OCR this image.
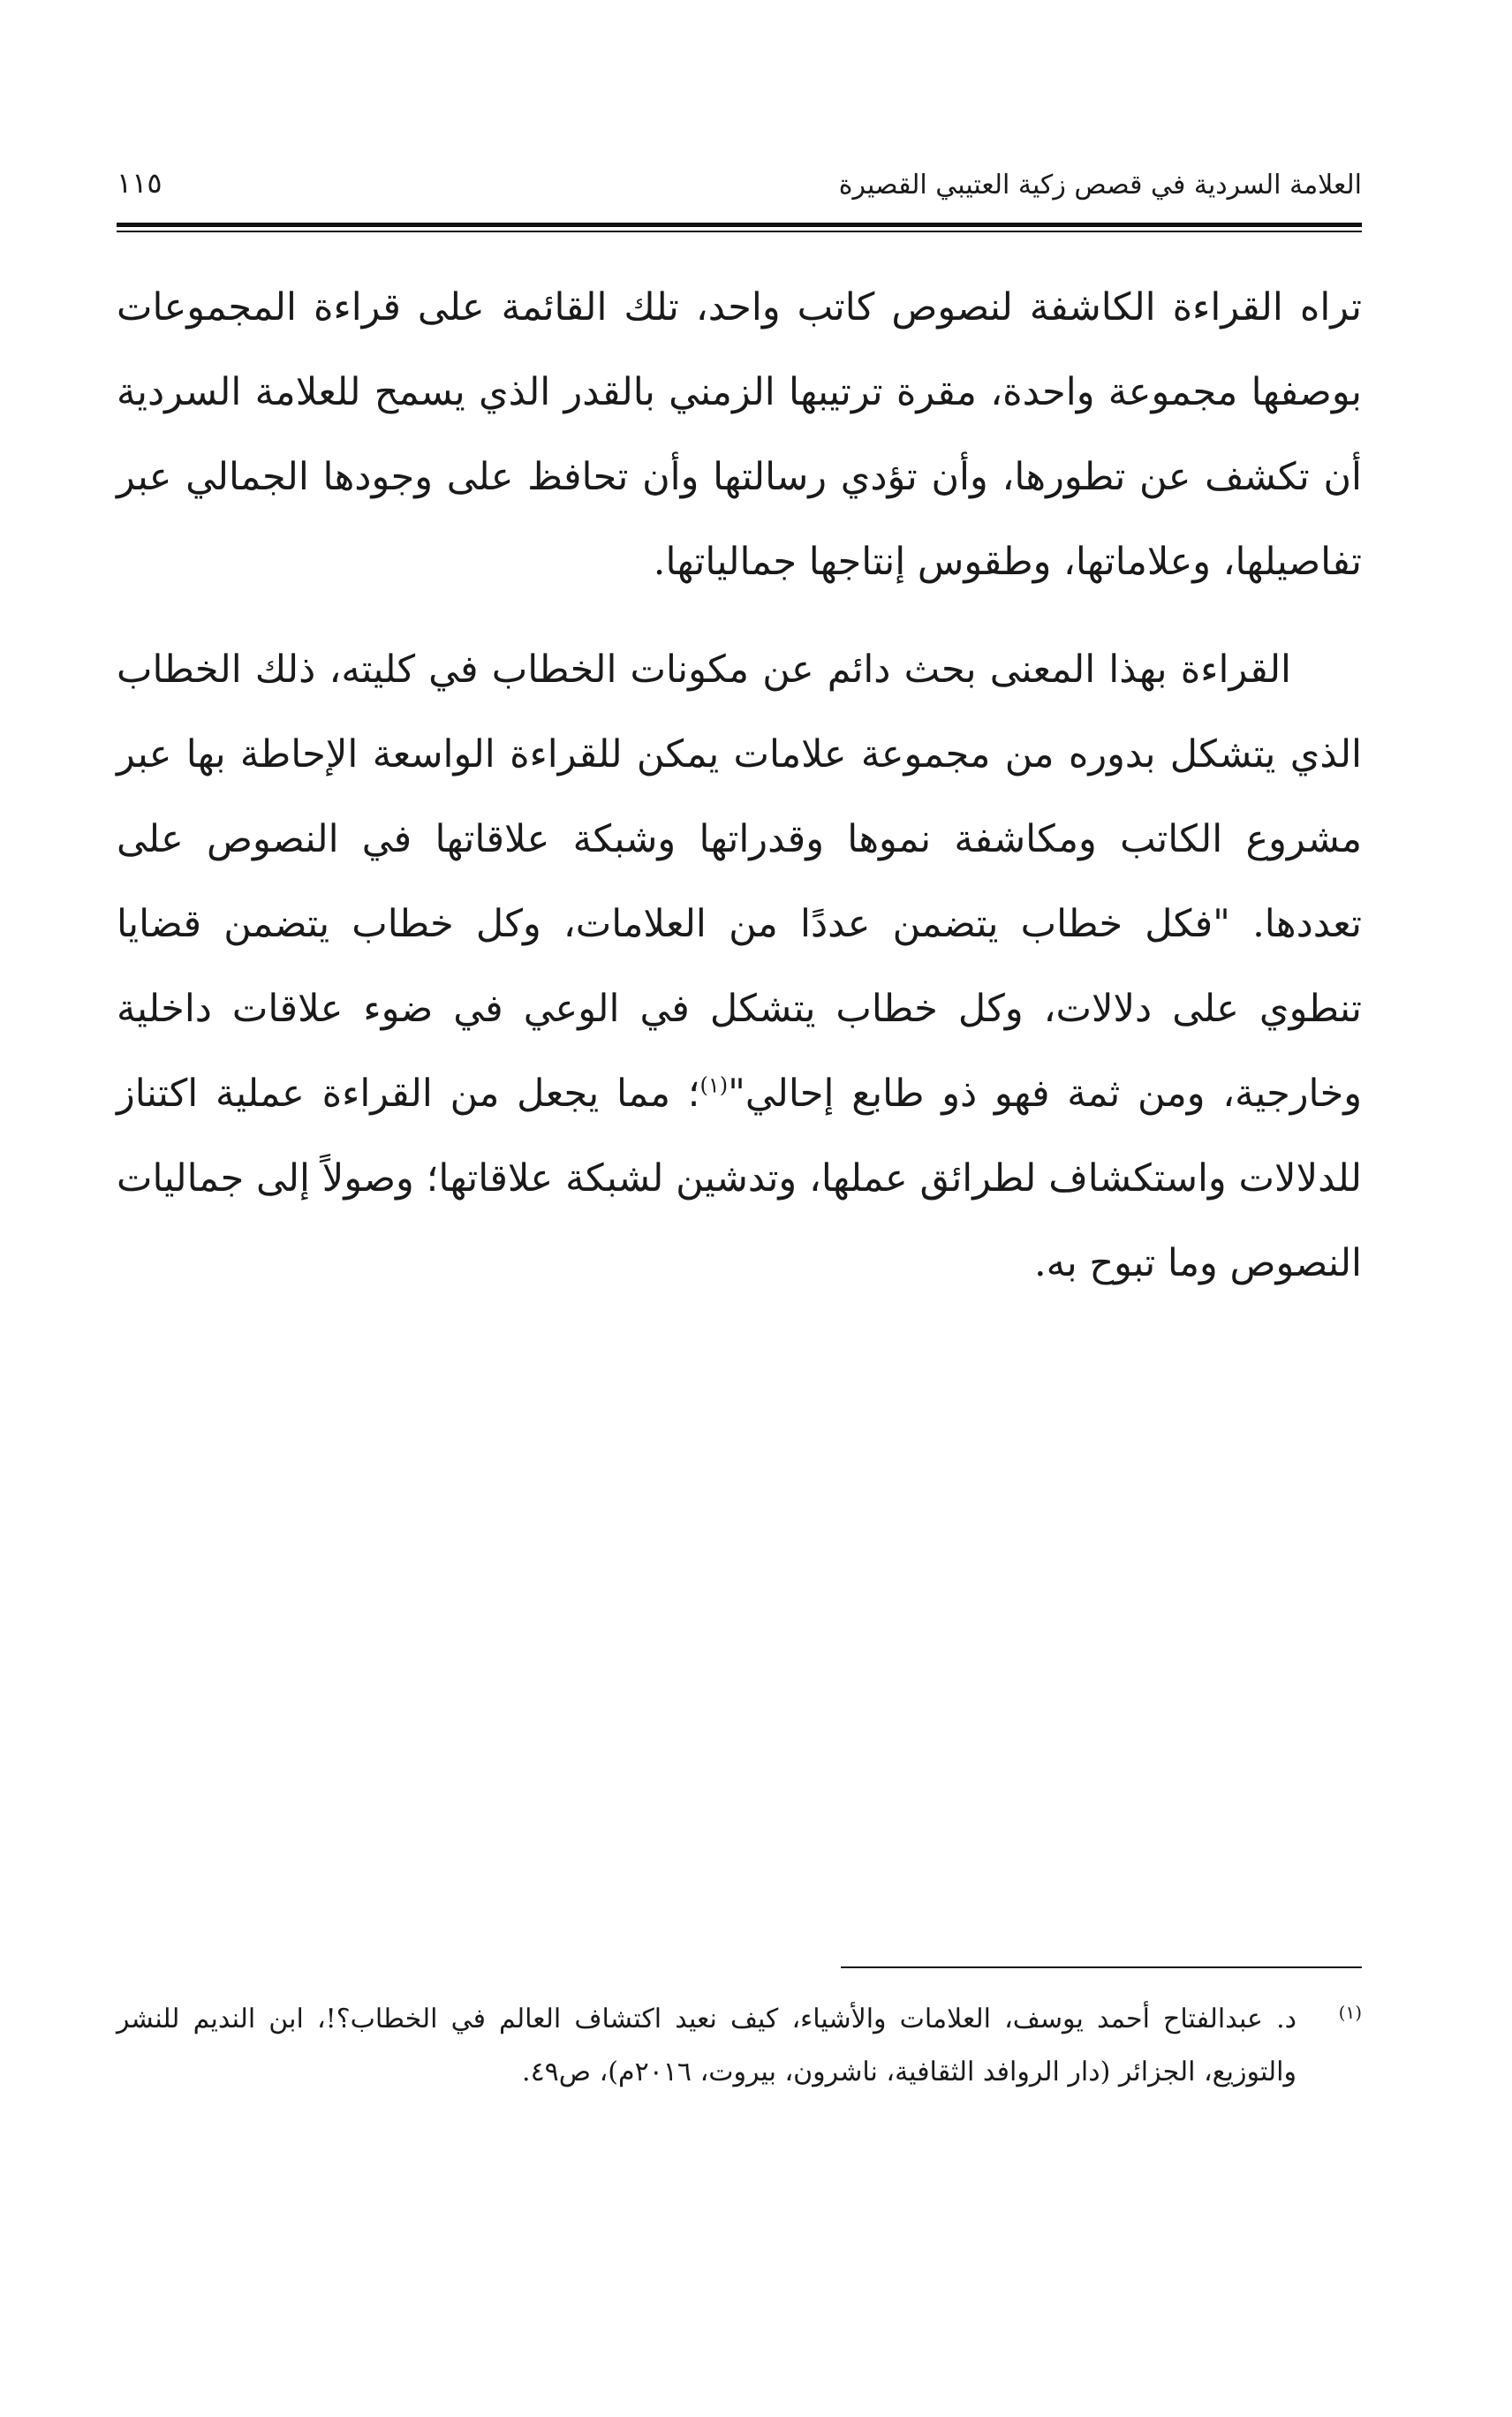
العلامة السردية في قصص زكية العتيبي القصيرة
١١٥

تراه القراءة الكاشفة لنصوص كاتب واحد، تلك القائمة على قراءة المجموعات بوصفها مجموعة واحدة، مقرة ترتيبها الزمني بالقدر الذي يسمح للعلامة السردية أن تكشف عن تطورها، وأن تؤدي رسالتها وأن تحافظ على وجودها الجمالي عبر تفاصيلها، وعلاماتها، وطقوس إنتاجها جمالياتها.

القراءة بهذا المعنى بحث دائم عن مكونات الخطاب في كليته، ذلك الخطاب الذي يتشكل بدوره من مجموعة علامات يمكن للقراءة الواسعة الإحاطة بها عبر مشروع الكاتب ومكاشفة نموها وقدراتها وشبكة علاقاتها في النصوص على تعددها. "فكل خطاب يتضمن عددًا من العلامات، وكل خطاب يتضمن قضايا تنطوي على دلالات، وكل خطاب يتشكل في الوعي في ضوء علاقات داخلية وخارجية، ومن ثمة فهو ذو طابع إحالي"$^{(١)}$؛ مما يجعل من القراءة عملية اكتناز للدلالات واستكشاف لطرائق عملها، وتدشين لشبكة علاقاتها؛ وصولاً إلى جماليات النصوص وما تبوح به.

(١)
د. عبدالفتاح أحمد يوسف، العلامات والأشياء، كيف نعيد اكتشاف العالم في الخطاب؟!، ابن النديم للنشر والتوزيع، الجزائر (دار الروافد الثقافية، ناشرون، بيروت، ٢٠١٦م)، ص٤٩.
